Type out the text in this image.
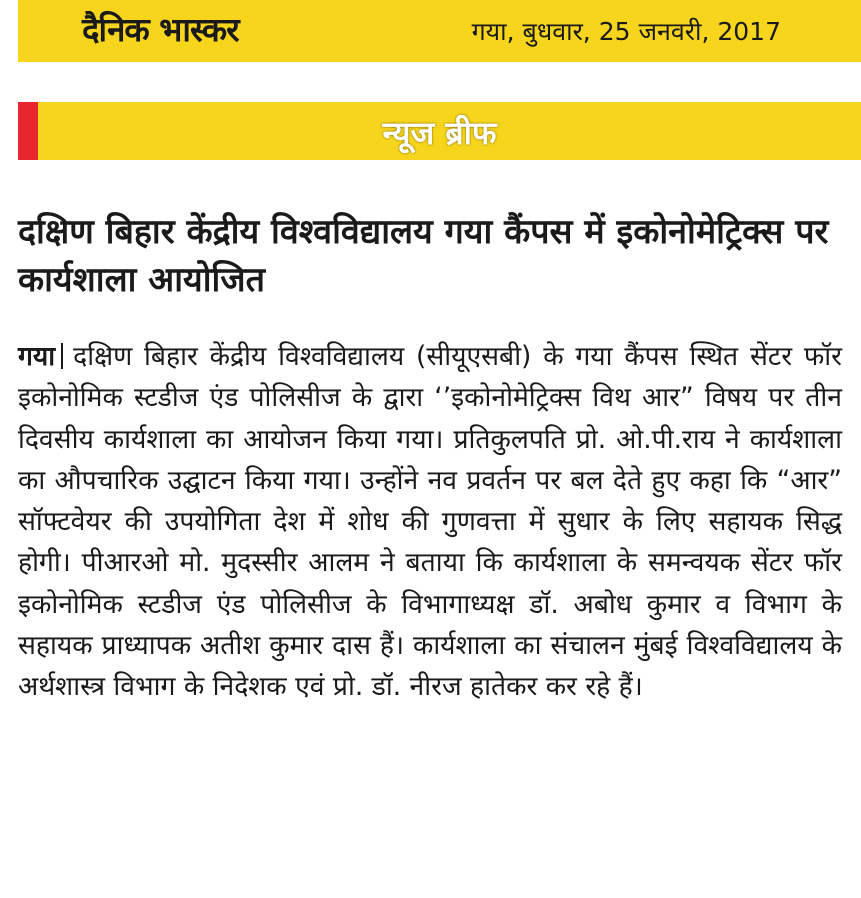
दैनिक भास्कर	गया, बुधवार, 25 जनवरी, 2017
न्यूज ब्रीफ
दक्षिण बिहार केंद्रीय विश्वविद्यालय गया कैंपस में इकोनोमेट्रिक्स पर कार्यशाला आयोजित
गया दक्षिण बिहार केंद्रीय विश्वविद्यालय (सीयूएसबी) के गया कैंपस स्थित सेंटर फॉर इकोनोमिक स्टडीज एंड पोलिसीज के द्वारा ‘’इकोनोमेट्रिक्स विथ आर” विषय पर तीन दिवसीय कार्यशाला का आयोजन किया गया। प्रतिकुलपति प्रो. ओ.पी.राय ने कार्यशाला का औपचारिक उद्घाटन किया गया। उन्होंने नव प्रवर्तन पर बल देते हुए कहा कि “आर” सॉफ्टवेयर की उपयोगिता देश में शोध की गुणवत्ता में सुधार के लिए सहायक सिद्ध होगी। पीआरओ मो. मुदस्सीर आलम ने बताया कि कार्यशाला के समन्वयक सेंटर फॉर इकोनोमिक स्टडीज एंड पोलिसीज के विभागाध्यक्ष डॉ. अबोध कुमार व विभाग के सहायक प्राध्यापक अतीश कुमार दास हैं। कार्यशाला का संचालन मुंबई विश्वविद्यालय के अर्थशास्त्र विभाग के निदेशक एवं प्रो. डॉ. नीरज हातेकर कर रहे हैं।
